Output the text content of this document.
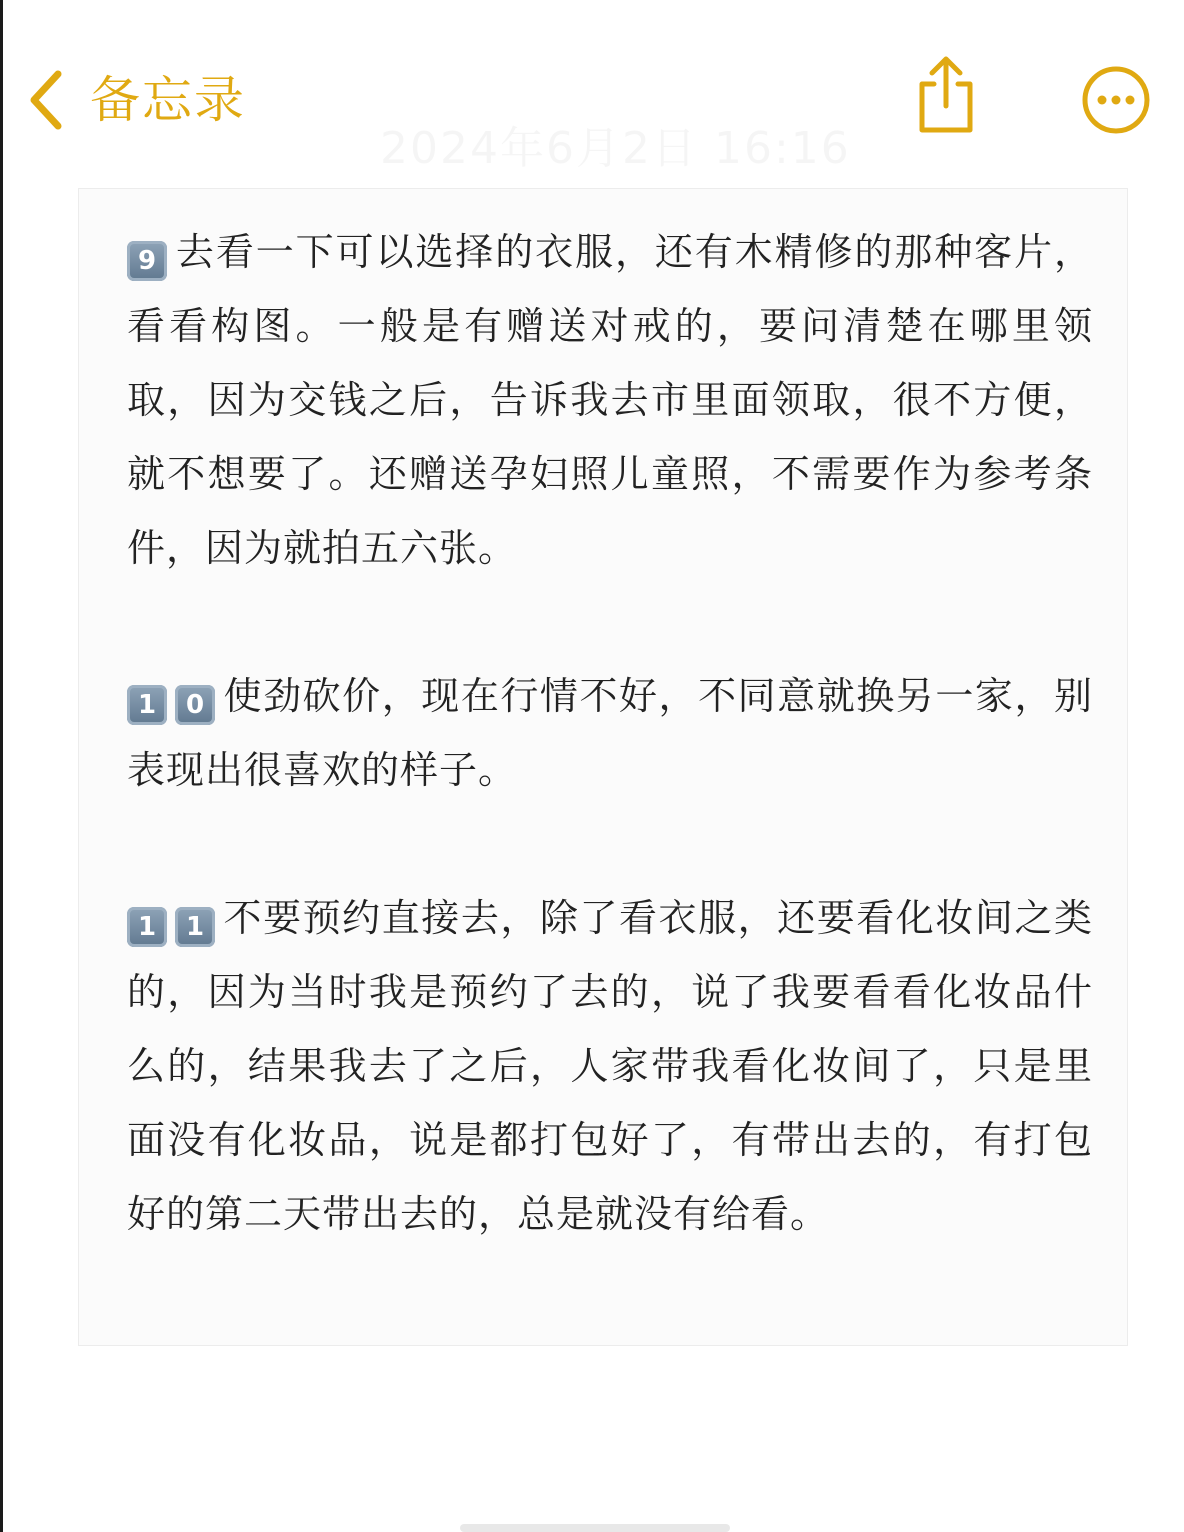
备忘录

9 去看一下可以选择的衣服，还有木精修的那种客片，看看构图。一般是有赠送对戒的，要问清楚在哪里领取，因为交钱之后，告诉我去市里面领取，很不方便，就不想要了。还赠送孕妇照儿童照，不需要作为参考条件，因为就拍五六张。

1 0 使劲砍价，现在行情不好，不同意就换另一家，别表现出很喜欢的样子。

1 1 不要预约直接去，除了看衣服，还要看化妆间之类的，因为当时我是预约了去的，说了我要看看化妆品什么的，结果我去了之后，人家带我看化妆间了，只是里面没有化妆品，说是都打包好了，有带出去的，有打包好的第二天带出去的，总是就没有给看。
